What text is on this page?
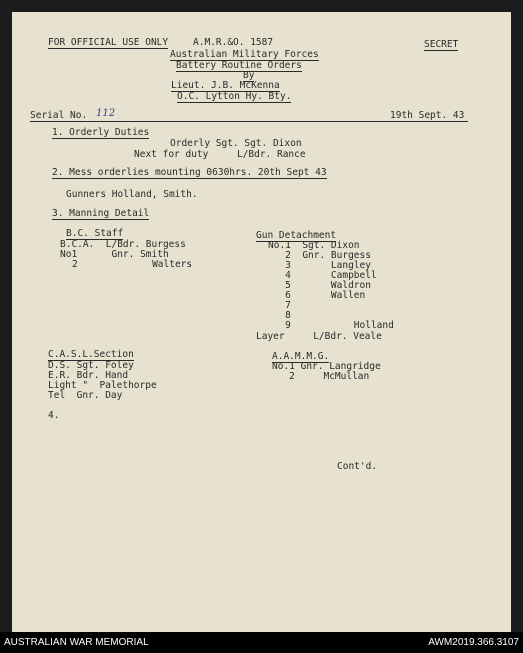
FOR OFFICIAL USE ONLY	A.M.R.&O. 1587	SECRET
Australian Military Forces
Battery Routine Orders
By
Lieut. J.B. McKenna
O.C. Lytton Hy. Bty.
Serial No. 112	19th Sept. 43
1. Orderly Duties
Orderly Sgt. Sgt. Dixon
Next for duty     L/Bdr. Rance
2. Mess orderlies mounting 0630hrs. 20th Sept 43
Gunners Holland, Smith.
3. Manning Detail
B.C. Staff
B.C.A.  L/Bdr. Burgess
No1      Gnr. Smith
2             Walters
Gun Detachment
No.1  Sgt. Dixon
2  Gnr. Burgess
3       Langley
4       Campbell
5       Waldron
6       Wallen
7
8
9           Holland
Layer     L/Bdr. Veale
C.A.S.L.Section
D.S. Sgt. Foley
E.R. Bdr. Hand
Light "  Palethorpe
Tel  Gnr. Day
A.A.M.M.G.
No.1 Gnr. Langridge
2     McMullan
4.
Cont'd.
AUSTRALIAN WAR MEMORIAL	AWM2019.366.3107
